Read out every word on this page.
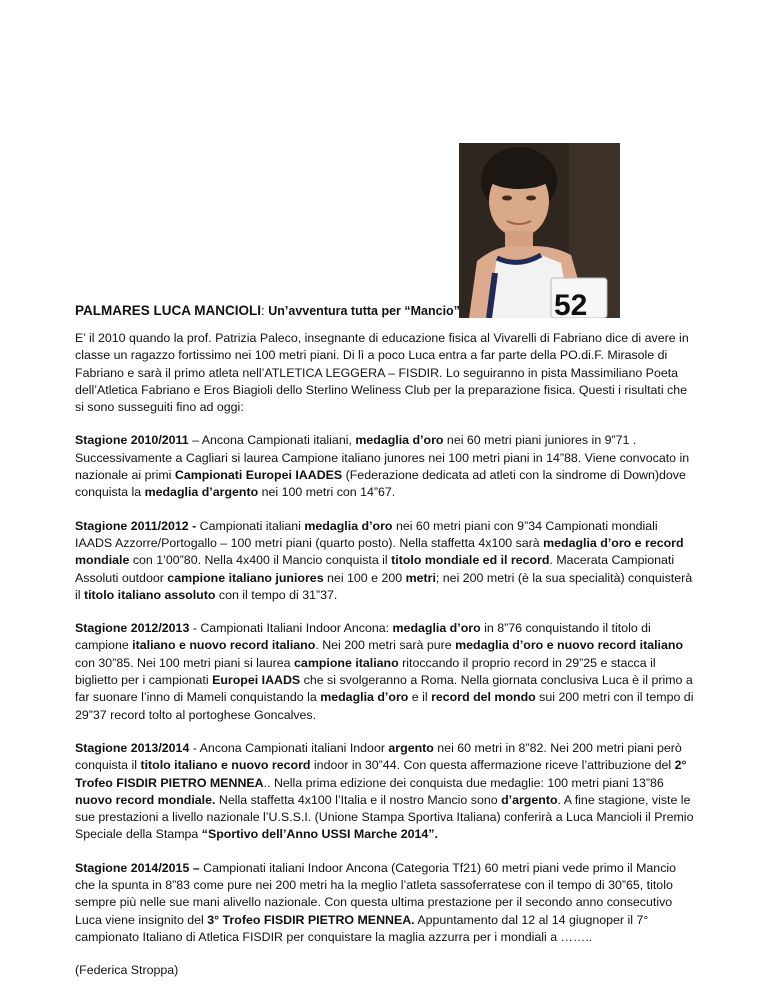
52
PALMARES LUCA MANCIOLI: Un’avventura tutta per “Mancio”

E’ il 2010 quando la prof. Patrizia Paleco, insegnante di educazione fisica al Vivarelli di Fabriano dice di avere in classe un ragazzo fortissimo nei 100 metri piani. Di lì a poco Luca entra a far parte della PO.di.F. Mirasole di Fabriano e sarà il primo atleta nell’ATLETICA LEGGERA – FISDIR. Lo seguiranno in pista Massimiliano Poeta dell’Atletica Fabriano e Eros Biagioli dello Sterlino Weliness Club per la preparazione fisica. Questi i risultati che si sono susseguiti fino ad oggi:

Stagione 2010/2011 – Ancona Campionati italiani, medaglia d’oro nei 60 metri piani juniores in 9”71 . Successivamente a Cagliari si laurea Campione italiano junores nei 100 metri piani in 14”88. Viene convocato in nazionale ai primi Campionati Europei IAADES (Federazione dedicata ad atleti con la sindrome di Down)dove conquista la medaglia d’argento nei 100 metri con 14”67.

Stagione 2011/2012 - Campionati italiani medaglia d’oro nei 60 metri piani con 9”34 Campionati mondiali IAADS Azzorre/Portogallo – 100 metri piani (quarto posto). Nella staffetta 4x100 sarà medaglia d’oro e record mondiale con 1’00”80. Nella 4x400 il Mancio conquista il titolo mondiale ed il record. Macerata Campionati Assoluti outdoor campione italiano juniores nei 100 e 200 metri; nei 200 metri (è la sua specialità) conquisterà il titolo italiano assoluto con il tempo di 31”37.

Stagione 2012/2013 - Campionati Italiani Indoor Ancona: medaglia d’oro in 8”76 conquistando il titolo di campione italiano e nuovo record italiano. Nei 200 metri sarà pure medaglia d’oro e nuovo record italiano con 30”85. Nei 100 metri piani si laurea campione italiano ritoccando il proprio record in 29”25 e stacca il biglietto per i campionati Europei IAADS che si svolgeranno a Roma. Nella giornata conclusiva Luca è il primo a far suonare l’inno di Mameli conquistando la medaglia d’oro e il record del mondo sui 200 metri con il tempo di 29”37 record tolto al portoghese Goncalves.

Stagione 2013/2014 - Ancona Campionati italiani Indoor argento nei 60 metri in 8”82. Nei 200 metri piani però conquista il titolo italiano e nuovo record indoor in 30”44. Con questa affermazione riceve l’attribuzione del 2° Trofeo FISDIR PIETRO MENNEA.. Nella prima edizione dei conquista due medaglie: 100 metri piani 13”86 nuovo record mondiale. Nella staffetta 4x100 l’Italia e il nostro Mancio sono d’argento. A fine stagione, viste le sue prestazioni a livello nazionale l’U.S.S.I. (Unione Stampa Sportiva Italiana) conferirà a Luca Mancioli il Premio Speciale della Stampa “Sportivo dell’Anno USSI Marche 2014”.

Stagione 2014/2015 – Campionati italiani Indoor Ancona (Categoria Tf21) 60 metri piani vede primo il Mancio che la spunta in 8”83 come pure nei 200 metri ha la meglio l’atleta sassoferratese con il tempo di 30”65, titolo sempre più nelle sue mani alivello nazionale. Con questa ultima prestazione per il secondo anno consecutivo Luca viene insignito del 3° Trofeo FISDIR PIETRO MENNEA. Appuntamento dal 12 al 14 giugnoper il 7° campionato Italiano di Atletica FISDIR per conquistare la maglia azzurra per i mondiali a ……..

(Federica Stroppa)
